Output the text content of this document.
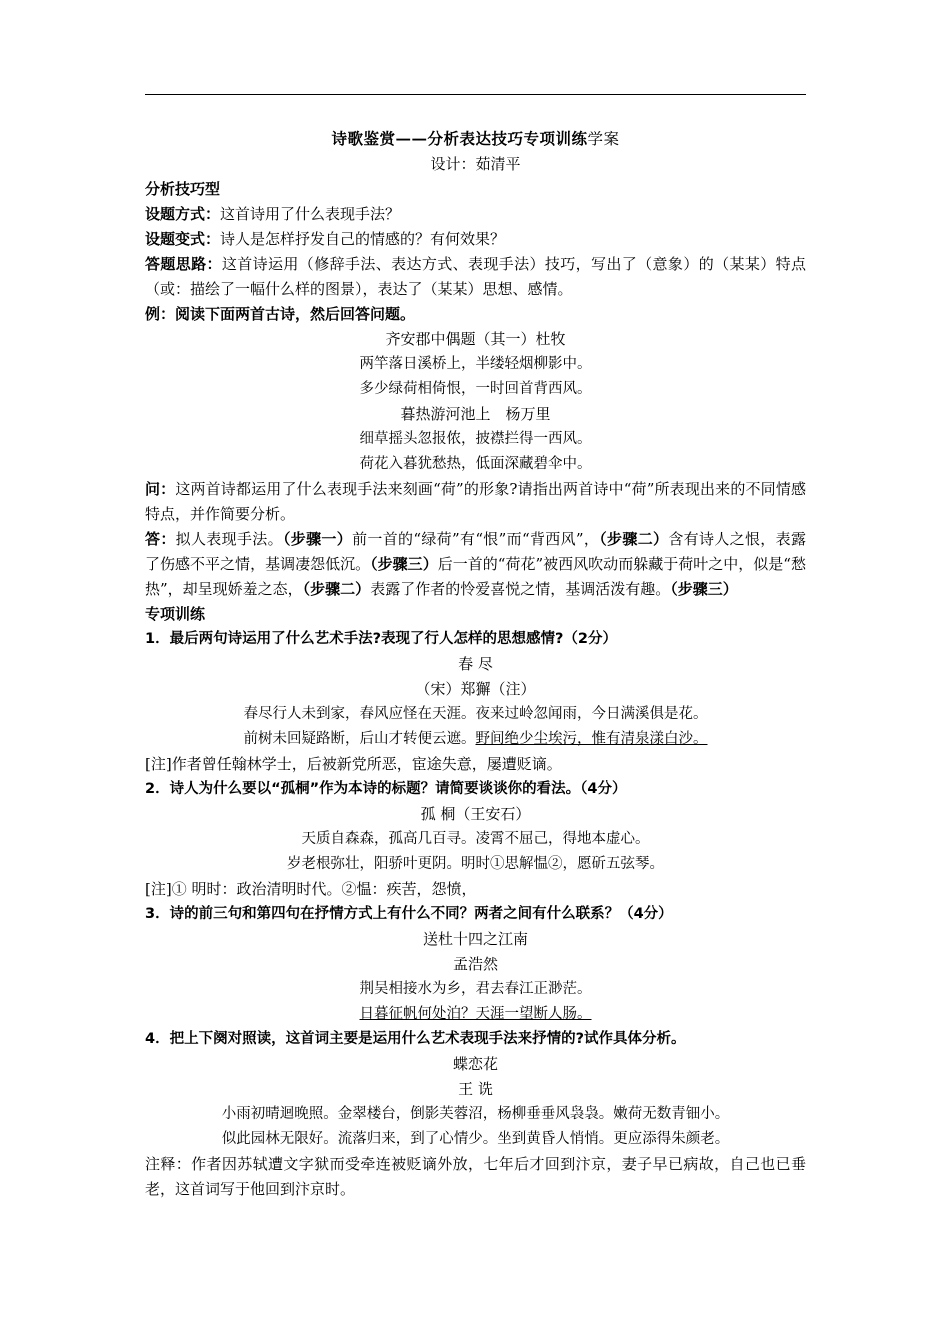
诗歌鉴赏——分析表达技巧专项训练学案
设计：茹清平
分析技巧型
设题方式：这首诗用了什么表现手法？
设题变式：诗人是怎样抒发自己的情感的？有何效果？
答题思路：这首诗运用（修辞手法、表达方式、表现手法）技巧，写出了（意象）的（某某）特点（或：描绘了一幅什么样的图景），表达了（某某）思想、感情。
例：阅读下面两首古诗，然后回答问题。
齐安郡中偶题（其一）杜牧
两竿落日溪桥上，半缕轻烟柳影中。
多少绿荷相倚恨，一时回首背西风。
暮热游河池上　杨万里
细草摇头忽报侬，披襟拦得一西风。
荷花入暮犹愁热，低面深藏碧伞中。
问：这两首诗都运用了什么表现手法来刻画“荷”的形象?请指出两首诗中“荷”所表现出来的不同情感特点，并作简要分析。
答：拟人表现手法。（步骤一）前一首的“绿荷”有“恨”而“背西风”，（步骤二）含有诗人之恨，表露了伤感不平之情，基调凄怨低沉。（步骤三）后一首的“荷花”被西风吹动而躲藏于荷叶之中，似是“愁热”，却呈现娇羞之态，（步骤二）表露了作者的怜爱喜悦之情，基调活泼有趣。（步骤三）
专项训练
1．最后两句诗运用了什么艺术手法?表现了行人怎样的思想感情?（2分）
春 尽
（宋）郑獬（注）
春尽行人未到家，春风应怪在天涯。夜来过岭忽闻雨，今日满溪俱是花。
前树未回疑路断，后山才转便云遮。野间绝少尘埃污，惟有清泉漾白沙。
[注]作者曾任翰林学士，后被新党所恶，宦途失意，屡遭贬谪。
2．诗人为什么要以“孤桐”作为本诗的标题？请简要谈谈你的看法。（4分）
孤 桐（王安石）
天质自森森，孤高几百寻。凌霄不屈己，得地本虚心。
岁老根弥壮，阳骄叶更阴。明时①思解愠②，愿斫五弦琴。
[注]① 明时：政治清明时代。②愠：疾苦，怨愤，
3．诗的前三句和第四句在抒情方式上有什么不同？两者之间有什么联系？（4分）
送杜十四之江南
孟浩然
荆吴相接水为乡，君去春江正渺茫。
日暮征帆何处泊？天涯一望断人肠。
4．把上下阕对照读，这首词主要是运用什么艺术表现手法来抒情的?试作具体分析。
蝶恋花
王 诜
小雨初晴迴晚照。金翠楼台，倒影芙蓉沼，杨柳垂垂风袅袅。嫩荷无数青钿小。
似此园林无限好。流落归来，到了心情少。坐到黄昏人悄悄。更应添得朱颜老。
注释：作者因苏轼遭文字狱而受牵连被贬谪外放，七年后才回到汴京，妻子早已病故，自己也已垂老，这首词写于他回到汴京时。
